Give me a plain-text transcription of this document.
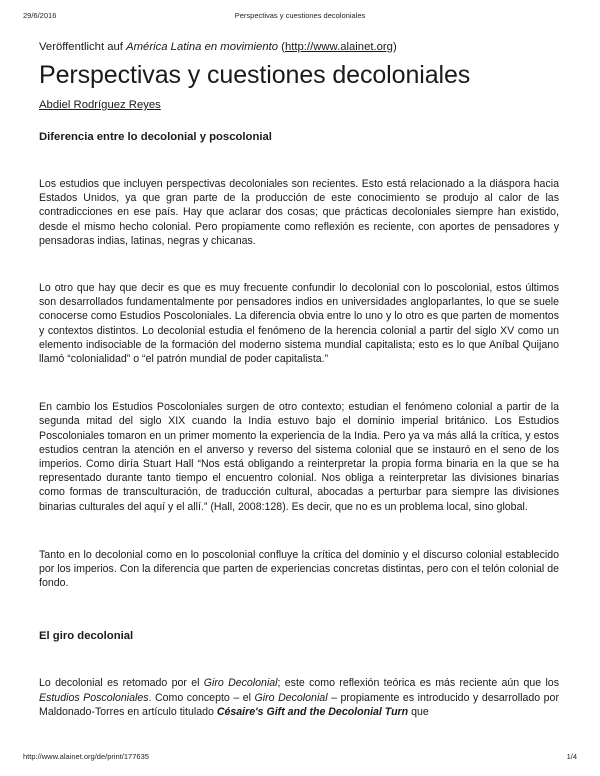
29/6/2016	Perspectivas y cuestiones decoloniales
Veröffentlicht auf América Latina en movimiento (http://www.alainet.org)
Perspectivas y cuestiones decoloniales
Abdiel Rodríguez Reyes
Diferencia entre lo decolonial y poscolonial

Los estudios que incluyen perspectivas decoloniales son recientes. Esto está relacionado a la diáspora hacia Estados Unidos, ya que gran parte de la producción de este conocimiento se produjo al calor de las contradicciones en ese país. Hay que aclarar dos cosas; que prácticas decoloniales siempre han existido, desde el mismo hecho colonial. Pero propiamente como reflexión es reciente, con aportes de pensadores y pensadoras indias, latinas, negras y chicanas.

Lo otro que hay que decir es que es muy frecuente confundir lo decolonial con lo poscolonial, estos últimos son desarrollados fundamentalmente por pensadores indios en universidades angloparlantes, lo que se suele conocerse como Estudios Poscoloniales. La diferencia obvia entre lo uno y lo otro es que parten de momentos y contextos distintos. Lo decolonial estudia el fenómeno de la herencia colonial a partir del siglo XV como un elemento indisociable de la formación del moderno sistema mundial capitalista; esto es lo que Aníbal Quijano llamó “colonialidad” o “el patrón mundial de poder capitalista.”

En cambio los Estudios Poscoloniales surgen de otro contexto; estudian el fenómeno colonial a partir de la segunda mitad del siglo XIX cuando la India estuvo bajo el dominio imperial británico. Los Estudios Poscoloniales tomaron en un primer momento la experiencia de la India. Pero ya va más allá la crítica, y estos estudios centran la atención en el anverso y reverso del sistema colonial que se instauró en el seno de los imperios. Como diría Stuart Hall “Nos está obligando a reinterpretar la propia forma binaria en la que se ha representado durante tanto tiempo el encuentro colonial. Nos obliga a reinterpretar las divisiones binarias como formas de transculturación, de traducción cultural, abocadas a perturbar para siempre las divisiones binarias culturales del aquí y el allí.” (Hall, 2008:128). Es decir, que no es un problema local, sino global.

Tanto en lo decolonial como en lo poscolonial confluye la crítica del dominio y el discurso colonial establecido por los imperios. Con la diferencia que parten de experiencias concretas distintas, pero con el telón colonial de fondo.

El giro decolonial

Lo decolonial es retomado por el Giro Decolonial; este como reflexión teórica es más reciente aún que los Estudios Poscoloniales. Como concepto – el Giro Decolonial – propiamente es introducido y desarrollado por Maldonado-Torres en artículo titulado Césaire's Gift and the Decolonial Turn que

http://www.alainet.org/de/print/177635	1/4
